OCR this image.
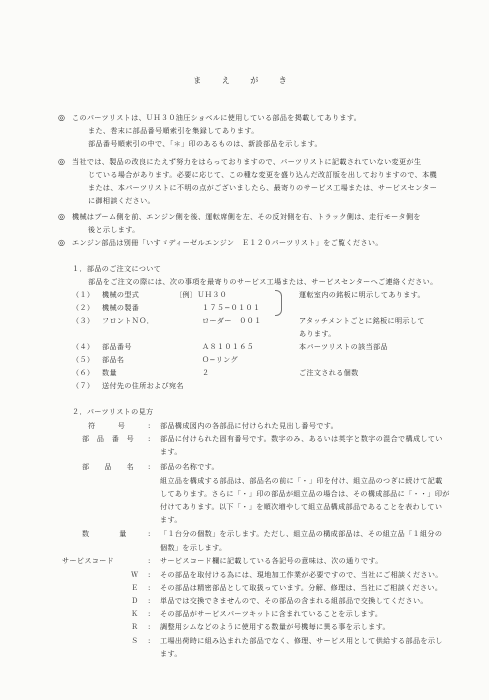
ま え が き
◎ このパーツリストは、ＵＨ３０油圧ショベルに使用している部品を掲載してあります。
また、巻末に部品番号順索引を集録してあります。
部品番号順索引の中で、「＊」印のあるものは、新設部品を示します。
◎ 当社では、製品の改良にたえず努力をはらっておりますので、パーツリストに記載されていない変更が生
じている場合があります。必要に応じて、この種な変更を盛り込んだ改訂版を出しておりますので、本機
または、本パーツリストに不明の点がございましたら、最寄りのサービス工場または、サービスセンター
に御相談ください。
◎ 機械はブーム側を前、エンジン側を後、運転席側を左、その反対側を右、トラック側は、走行モータ側を
後と示します。
◎ エンジン部品は別冊「いすゞディーゼルエンジン　Ｅ１２０パーツリスト」をご覧ください。
１．部品のご注文について
部品をご注文の際には、次の事項を最寄りのサービス工場または、サービスセンターへご連絡ください。
（１） 機械の型式	〔例〕ＵＨ３０	運転室内の銘板に明示してあります。
（２） 機械の製番	１７５−０１０１
（３） フロントＮＯ．	ローダー　００１	アタッチメントごとに銘板に明示して
あります。
（４） 部品番号	Ａ８１０１６５	本パーツリストの該当部品
（５） 部品名	Ｏ−リング
（６） 数量	２	ご注文される個数
（７） 送付先の住所および宛名
２．パーツリストの見方
符　　　号	: 部品構成図内の各部品に付けられた見出し番号です。
部　品　番　号 : 部品に付けられた固有番号です。数字のみ、あるいは英字と数字の混合で構成してい
ます。
部　　品　　名 : 部品の名称です。
組立品を構成する部品は、部品名の前に「・」印を付け、組立品のつぎに続けて記載
してあります。さらに「・」印の部品が組立品の場合は、その構成部品に「・・」印が
付けてあります。以下「・」を順次増やして組立品構成部品であることを表わしてい
ます。
数　　　　量	: 「１台分の個数」を示します。ただし、組立品の構成部品は、その組立品「１組分の
個数」を示します。
サービスコード	: サービスコード欄に記載している各記号の意味は、次の通りです。
Ｗ : その部品を取付ける為には、現地加工作業が必要ですので、当社にご相談ください。
Ｅ : その部品は精密部品として取扱っています。分解、修理は、当社にご相談ください。
Ｄ : 単品では交換できませんので、その部品の含まれる組部品で交換してください。
Ｋ : その部品がサービスパーツキットに含まれていることを示します。
Ｒ : 調整用シムなどのように使用する数量が号機毎に異る事を示します。
Ｓ : 工場出荷時に組み込まれた部品でなく、修理、サービス用として供給する部品を示し
ます。
